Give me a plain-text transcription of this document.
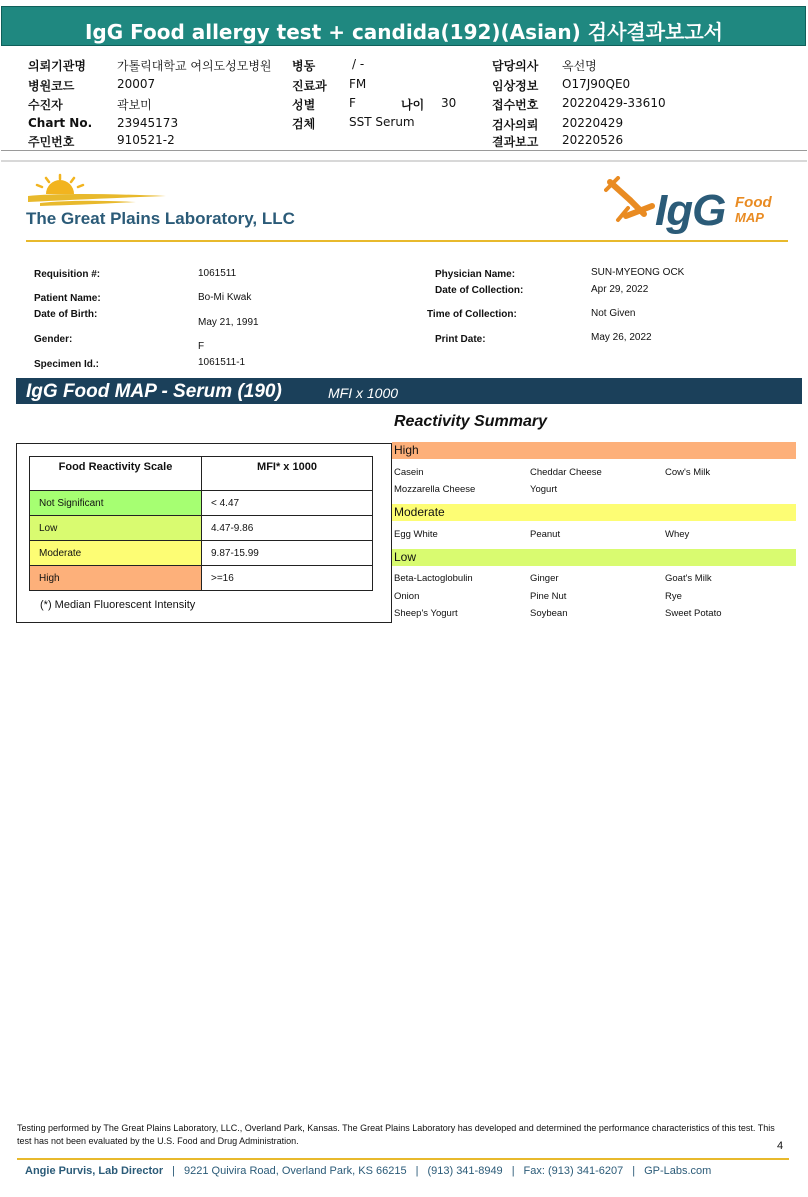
IgG Food allergy test + candida(192)(Asian) 검사결과보고서
의뢰기관명	가톨릭대학교 여의도성모병원
병원코드	20007
수진자	곽보미
Chart No. 23945173
주민번호	910521-2
병동	/ -
진료과 FM
성별	F	나이 30
검체	SST Serum
담당의사 옥선명
임상정보 O17J90QE0
접수번호 20220429-33610
검사의뢰 20220429
결과보고 20220526
The Great Plains Laboratory, LLC	IgG Food
MAP
Requisition #:	1061511
Patient Name:	Bo-Mi Kwak
Date of Birth:
May 21, 1991
Gender:
F
Specimen Id.:	1061511-1
Physician Name:	SUN-MYEONG OCK
Date of Collection:	Apr 29, 2022
Time of Collection:	Not Given
Print Date:	May 26, 2022
IgG Food MAP - Serum (190)	MFI x 1000
Food Reactivity Scale	MFI* x 1000
Not Significant	< 4.47
Low	4.47-9.86
Moderate	9.87-15.99
High	>=16
(*) Median Fluorescent Intensity
Reactivity Summary
High
Casein	Cheddar Cheese	Cow's Milk
Mozzarella Cheese	Yogurt
Moderate
Egg White	Peanut	Whey
Low
Beta-Lactoglobulin	Ginger	Goat's Milk
Onion	Pine Nut	Rye
Sheep's Yogurt	Soybean	Sweet Potato
Testing performed by The Great Plains Laboratory, LLC., Overland Park, Kansas. The Great Plains Laboratory has developed and determined the performance characteristics of this test. This test has not been evaluated by the U.S. Food and Drug Administration.	4
Angie Purvis, Lab Director | 9221 Quivira Road, Overland Park, KS 66215 | (913) 341-8949 | Fax: (913) 341-6207 | GP-Labs.com
